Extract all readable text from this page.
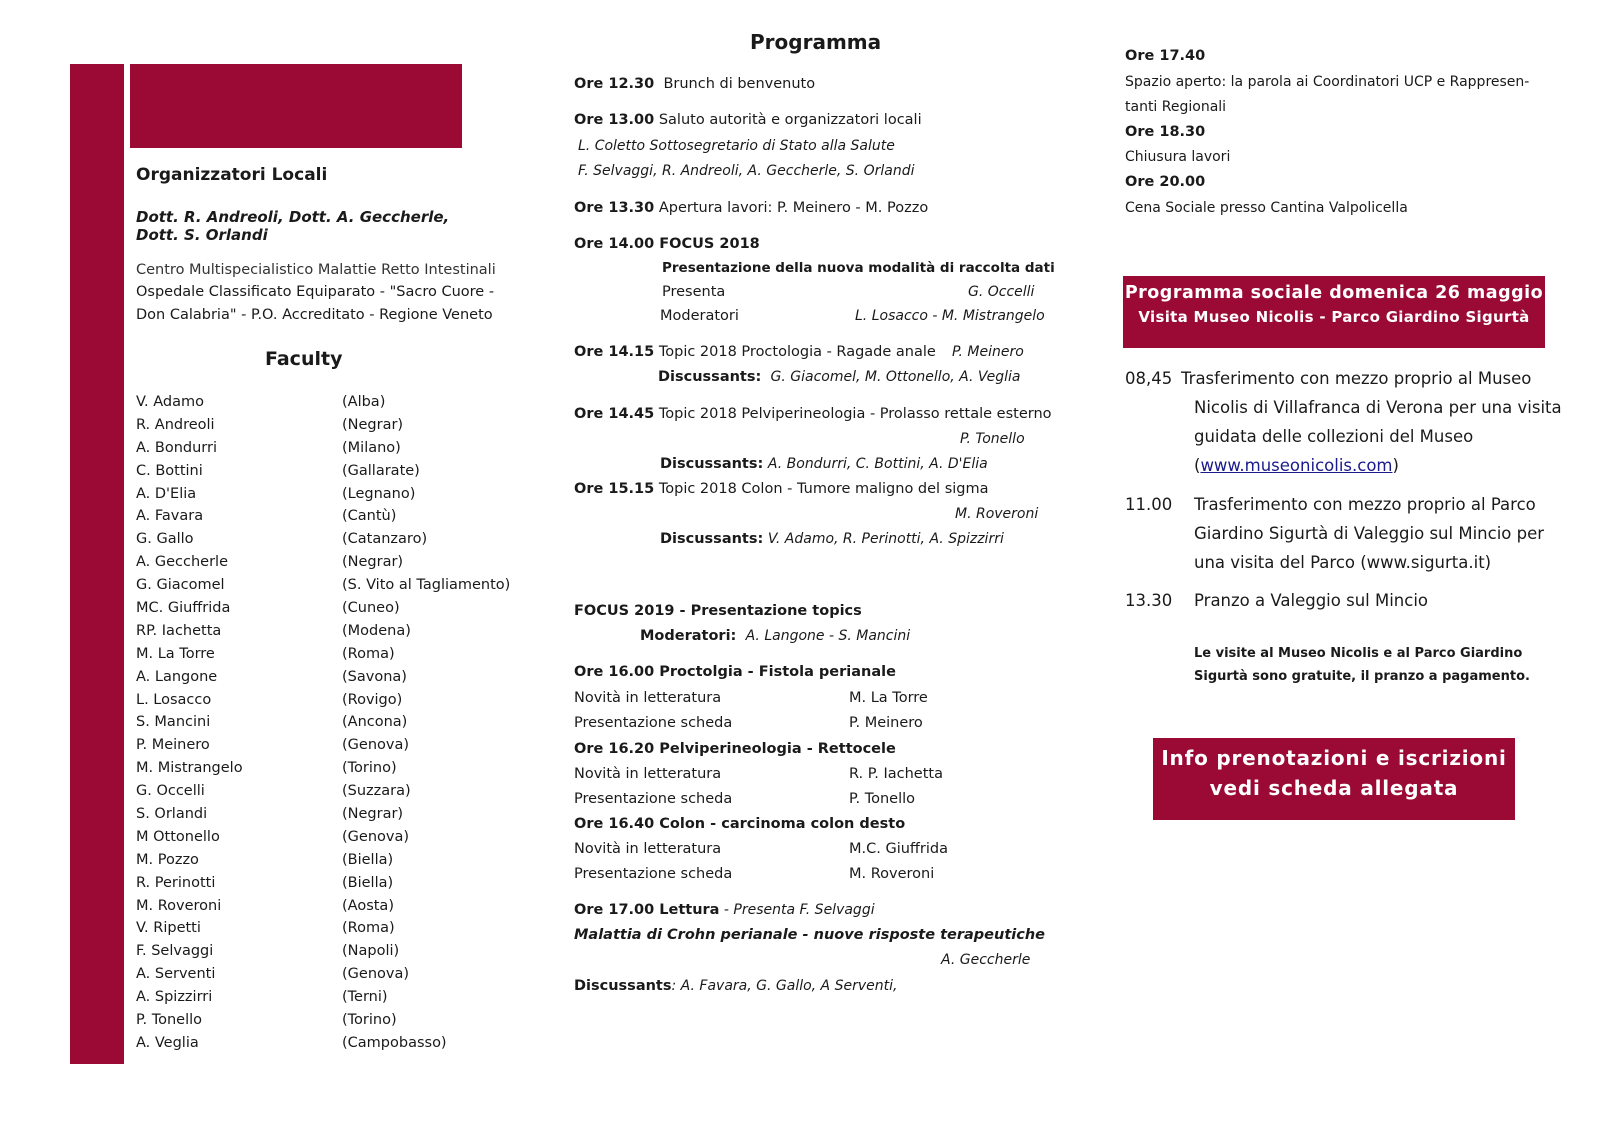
Organizzatori Locali
Dott. R. Andreoli, Dott. A. Geccherle,
Dott. S. Orlandi
Centro Multispecialistico Malattie Retto Intestinali
Ospedale Classificato Equiparato - "Sacro Cuore -
Don Calabria" - P.O. Accreditato - Regione Veneto
Faculty
V. Adamo	(Alba)
R. Andreoli	(Negrar)
A. Bondurri	(Milano)
C. Bottini	(Gallarate)
A. D'Elia	(Legnano)
A. Favara	(Cantù)
G. Gallo	(Catanzaro)
A. Geccherle	(Negrar)
G. Giacomel	(S. Vito al Tagliamento)
MC. Giuffrida	(Cuneo)
RP. Iachetta	(Modena)
M. La Torre	(Roma)
A. Langone	(Savona)
L. Losacco	(Rovigo)
S. Mancini	(Ancona)
P. Meinero	(Genova)
M. Mistrangelo	(Torino)
G. Occelli	(Suzzara)
S. Orlandi	(Negrar)
M Ottonello	(Genova)
M. Pozzo	(Biella)
R. Perinotti	(Biella)
M. Roveroni	(Aosta)
V. Ripetti	(Roma)
F. Selvaggi	(Napoli)
A. Serventi	(Genova)
A. Spizzirri	(Terni)
P. Tonello	(Torino)
A. Veglia	(Campobasso)
Programma
Ore 12.30 Brunch di benvenuto
Ore 13.00 Saluto autorità e organizzatori locali
L. Coletto Sottosegretario di Stato alla Salute
F. Selvaggi, R. Andreoli, A. Geccherle, S. Orlandi
Ore 13.30 Apertura lavori: P. Meinero - M. Pozzo
Ore 14.00 FOCUS 2018
Presentazione della nuova modalità di raccolta dati
Presenta	G. Occelli
Moderatori	L. Losacco - M. Mistrangelo
Ore 14.15 Topic 2018 Proctologia - Ragade anale P. Meinero
Discussants: G. Giacomel, M. Ottonello, A. Veglia
Ore 14.45 Topic 2018 Pelviperineologia - Prolasso rettale esterno
P. Tonello
Discussants: A. Bondurri, C. Bottini, A. D'Elia
Ore 15.15 Topic 2018 Colon - Tumore maligno del sigma
M. Roveroni
Discussants: V. Adamo, R. Perinotti, A. Spizzirri
FOCUS 2019 - Presentazione topics
Moderatori: A. Langone - S. Mancini
Ore 16.00 Proctolgia - Fistola perianale
Novità in letteratura	M. La Torre
Presentazione scheda	P. Meinero
Ore 16.20 Pelviperineologia - Rettocele
Novità in letteratura	R. P. Iachetta
Presentazione scheda	P. Tonello
Ore 16.40 Colon - carcinoma colon desto
Novità in letteratura	M.C. Giuffrida
Presentazione scheda	M. Roveroni
Ore 17.00 Lettura - Presenta F. Selvaggi
Malattia di Crohn perianale - nuove risposte terapeutiche
A. Geccherle
Discussants: A. Favara, G. Gallo, A Serventi,
Ore 17.40
Spazio aperto: la parola ai Coordinatori UCP e Rappresen-
tanti Regionali
Ore 18.30
Chiusura lavori
Ore 20.00
Cena Sociale presso Cantina Valpolicella
Programma sociale domenica 26 maggio
Visita Museo Nicolis - Parco Giardino Sigurtà
08,45 Trasferimento con mezzo proprio al Museo
Nicolis di Villafranca di Verona per una visita
guidata delle collezioni del Museo
(www.museonicolis.com)
11.00 Trasferimento con mezzo proprio al Parco
Giardino Sigurtà di Valeggio sul Mincio per
una visita del Parco (www.sigurta.it)
13.30 Pranzo a Valeggio sul Mincio
Le visite al Museo Nicolis e al Parco Giardino
Sigurtà sono gratuite, il pranzo a pagamento.
Info prenotazioni e iscrizioni
vedi scheda allegata
